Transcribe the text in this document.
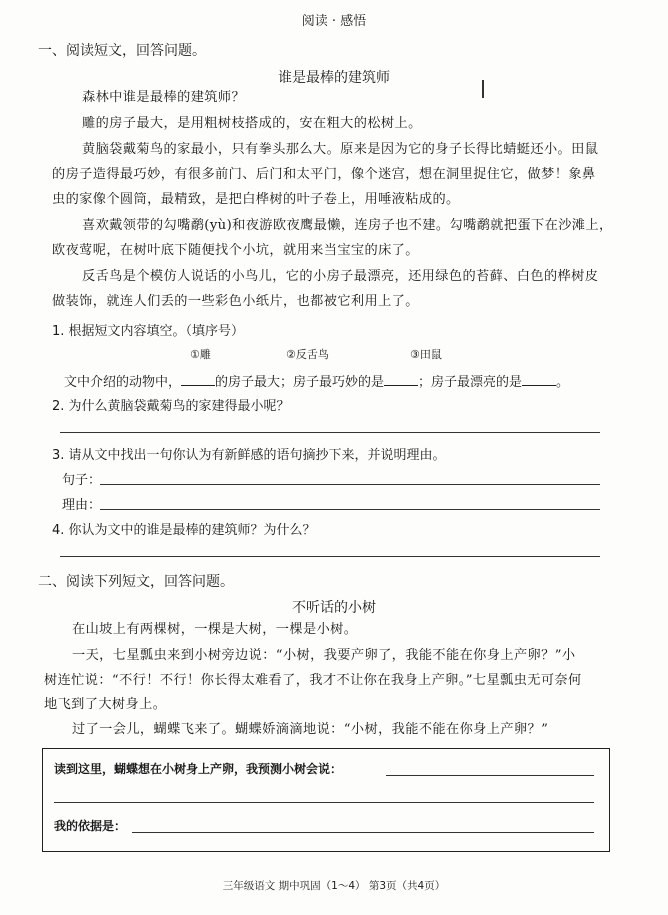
阅读 · 感悟
一、阅读短文，回答问题。
谁是最棒的建筑师
森林中谁是最棒的建筑师？
雕的房子最大，是用粗树枝搭成的，安在粗大的松树上。
黄脑袋戴菊鸟的家最小，只有拳头那么大。原来是因为它的身子长得比蜻蜓还小。田鼠
的房子造得最巧妙，有很多前门、后门和太平门，像个迷宫，想在洞里捉住它，做梦！象鼻
虫的家像个圆筒，最精致，是把白桦树的叶子卷上，用唾液粘成的。
喜欢戴领带的勾嘴鹬(yù)和夜游欧夜鹰最懒，连房子也不建。勾嘴鹬就把蛋下在沙滩上，
欧夜莺呢，在树叶底下随便找个小坑，就用来当宝宝的床了。
反舌鸟是个模仿人说话的小鸟儿，它的小房子最漂亮，还用绿色的苔藓、白色的桦树皮
做装饰，就连人们丢的一些彩色小纸片，也都被它利用上了。
1. 根据短文内容填空。（填序号）
①雕	②反舌鸟	③田鼠
文中介绍的动物中，	的房子最大；房子最巧妙的是	；房子最漂亮的是	。
2. 为什么黄脑袋戴菊鸟的家建得最小呢？
3. 请从文中找出一句你认为有新鲜感的语句摘抄下来，并说明理由。
句子：
理由：
4. 你认为文中的谁是最棒的建筑师？为什么？
二、阅读下列短文，回答问题。
不听话的小树
在山坡上有两棵树，一棵是大树，一棵是小树。
一天，七星瓢虫来到小树旁边说：“小树，我要产卵了，我能不能在你身上产卵？”小
树连忙说：“不行！不行！你长得太难看了，我才不让你在我身上产卵。”七星瓢虫无可奈何
地飞到了大树身上。
过了一会儿，蝴蝶飞来了。蝴蝶娇滴滴地说：“小树，我能不能在你身上产卵？”
读到这里，蝴蝶想在小树身上产卵，我预测小树会说：
我的依据是：
三年级语文 期中巩固（1～4） 第3页（共4页）
